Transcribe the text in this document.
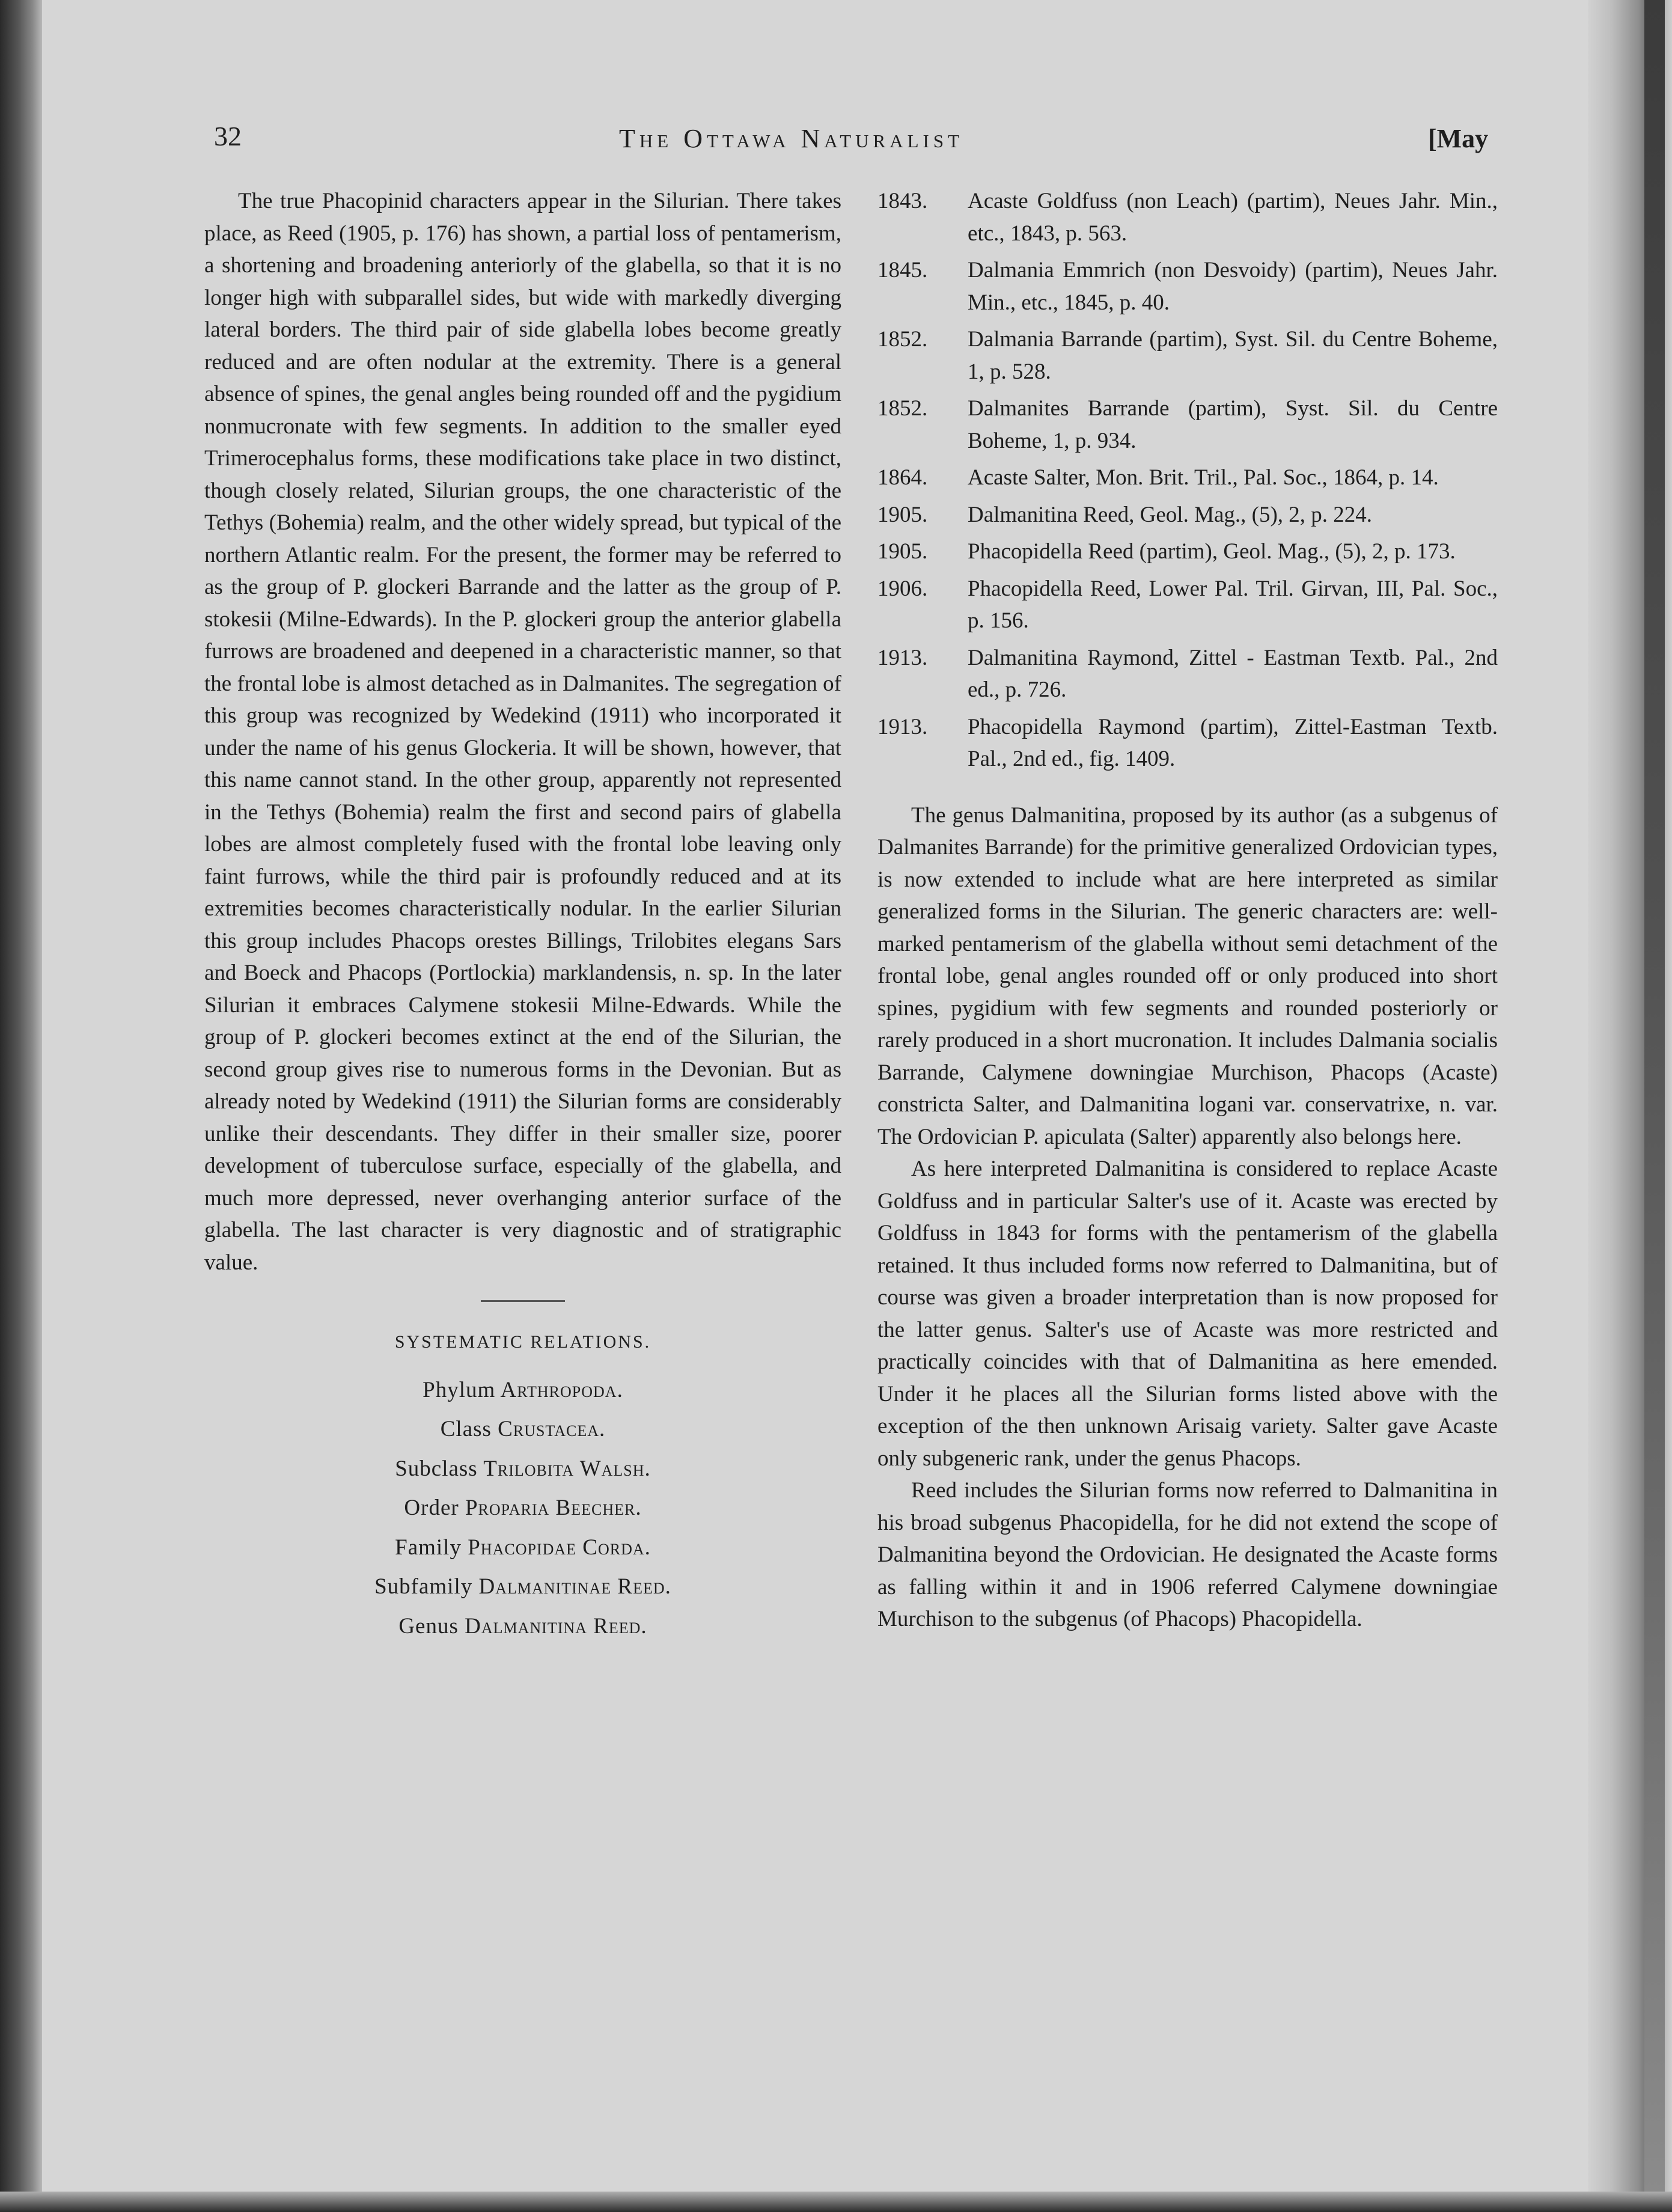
32	The Ottawa Naturalist	[May

The true Phacopinid characters appear in the Silurian. There takes place, as Reed (1905, p. 176) has shown, a partial loss of pentamerism, a shortening and broadening anteriorly of the glabella, so that it is no longer high with subparallel sides, but wide with markedly diverging lateral borders. The third pair of side glabella lobes become greatly reduced and are often nodular at the extremity. There is a general absence of spines, the genal angles being rounded off and the pygidium nonmucronate with few segments. In addition to the smaller eyed Trimerocephalus forms, these modifications take place in two distinct, though closely related, Silurian groups, the one characteristic of the Tethys (Bohemia) realm, and the other widely spread, but typical of the northern Atlantic realm. For the present, the former may be referred to as the group of P. glockeri Barrande and the latter as the group of P. stokesii (Milne-Edwards). In the P. glockeri group the anterior glabella furrows are broadened and deepened in a characteristic manner, so that the frontal lobe is almost detached as in Dalmanites. The segregation of this group was recognized by Wedekind (1911) who incorporated it under the name of his genus Glockeria. It will be shown, however, that this name cannot stand. In the other group, apparently not represented in the Tethys (Bohemia) realm the first and second pairs of glabella lobes are almost completely fused with the frontal lobe leaving only faint furrows, while the third pair is profoundly reduced and at its extremities becomes characteristically nodular. In the earlier Silurian this group includes Phacops orestes Billings, Trilobites elegans Sars and Boeck and Phacops (Portlockia) marklandensis, n. sp. In the later Silurian it embraces Calymene stokesii Milne-Edwards. While the group of P. glockeri becomes extinct at the end of the Silurian, the second group gives rise to numerous forms in the Devonian. But as already noted by Wedekind (1911) the Silurian forms are considerably unlike their descendants. They differ in their smaller size, poorer development of tuberculose surface, especially of the glabella, and much more depressed, never overhanging anterior surface of the glabella. The last character is very diagnostic and of stratigraphic value.

SYSTEMATIC RELATIONS.

Phylum Arthropoda.

Class Crustacea.

Subclass Trilobita Walsh.

Order Proparia Beecher.

Family Phacopidae Corda.

Subfamily Dalmanitinae Reed.

Genus Dalmanitina Reed.

1843.	Acaste Goldfuss (non Leach) (partim), Neues Jahr. Min., etc., 1843, p. 563.
1845.	Dalmania Emmrich (non Desvoidy) (partim), Neues Jahr. Min., etc., 1845, p. 40.
1852.	Dalmania Barrande (partim), Syst. Sil. du Centre Boheme, 1, p. 528.
1852.	Dalmanites Barrande (partim), Syst. Sil. du Centre Boheme, 1, p. 934.
1864.	Acaste Salter, Mon. Brit. Tril., Pal. Soc., 1864, p. 14.
1905.	Dalmanitina Reed, Geol. Mag., (5), 2, p. 224.
1905.	Phacopidella Reed (partim), Geol. Mag., (5), 2, p. 173.
1906.	Phacopidella Reed, Lower Pal. Tril. Girvan, III, Pal. Soc., p. 156.
1913.	Dalmanitina Raymond, Zittel - Eastman Textb. Pal., 2nd ed., p. 726.
1913.	Phacopidella Raymond (partim), Zittel-Eastman Textb. Pal., 2nd ed., fig. 1409.

The genus Dalmanitina, proposed by its author (as a subgenus of Dalmanites Barrande) for the primitive generalized Ordovician types, is now extended to include what are here interpreted as similar generalized forms in the Silurian. The generic characters are: well-marked pentamerism of the glabella without semi detachment of the frontal lobe, genal angles rounded off or only produced into short spines, pygidium with few segments and rounded posteriorly or rarely produced in a short mucronation. It includes Dalmania socialis Barrande, Calymene downingiae Murchison, Phacops (Acaste) constricta Salter, and Dalmanitina logani var. conservatrixe, n. var. The Ordovician P. apiculata (Salter) apparently also belongs here.

As here interpreted Dalmanitina is considered to replace Acaste Goldfuss and in particular Salter's use of it. Acaste was erected by Goldfuss in 1843 for forms with the pentamerism of the glabella retained. It thus included forms now referred to Dalmanitina, but of course was given a broader interpretation than is now proposed for the latter genus. Salter's use of Acaste was more restricted and practically coincides with that of Dalmanitina as here emended. Under it he places all the Silurian forms listed above with the exception of the then unknown Arisaig variety. Salter gave Acaste only subgeneric rank, under the genus Phacops.

Reed includes the Silurian forms now referred to Dalmanitina in his broad subgenus Phacopidella, for he did not extend the scope of Dalmanitina beyond the Ordovician. He designated the Acaste forms as falling within it and in 1906 referred Calymene downingiae Murchison to the subgenus (of Phacops) Phacopidella.
